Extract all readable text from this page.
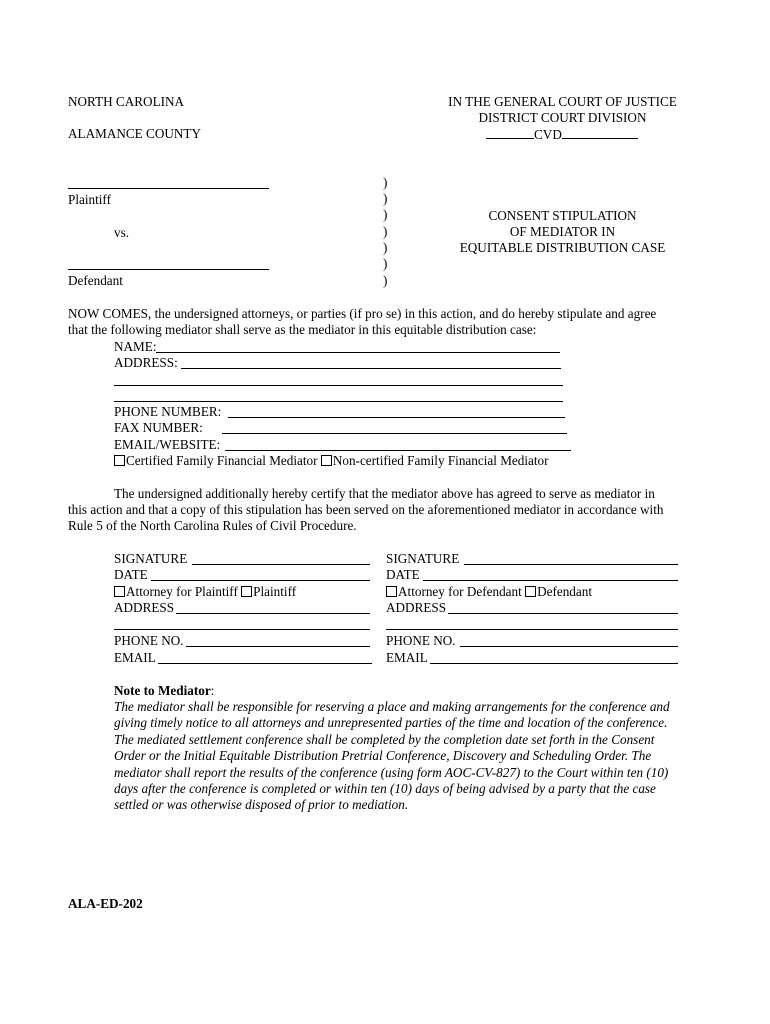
NORTH CAROLINA
ALAMANCE COUNTY
IN THE GENERAL COURT OF JUSTICE
DISTRICT COURT DIVISION
CVD
Plaintiff
vs.
Defendant
)
)
)
)
)
)
)
CONSENT STIPULATION
OF MEDIATOR IN
EQUITABLE DISTRIBUTION CASE
NOW COMES, the undersigned attorneys, or parties (if pro se) in this action, and do hereby stipulate and agree
that the following mediator shall serve as the mediator in this equitable distribution case:
NAME:
ADDRESS:
PHONE NUMBER:
FAX NUMBER:
EMAIL/WEBSITE:
Certified Family Financial Mediator Non-certified Family Financial Mediator
The undersigned additionally hereby certify that the mediator above has agreed to serve as mediator in
this action and that a copy of this stipulation has been served on the aforementioned mediator in accordance with
Rule 5 of the North Carolina Rules of Civil Procedure.
SIGNATURE
DATE
Attorney for Plaintiff Plaintiff
ADDRESS
PHONE NO.
EMAIL
SIGNATURE
DATE
Attorney for Defendant Defendant
ADDRESS
PHONE NO.
EMAIL
Note to Mediator:
The mediator shall be responsible for reserving a place and making arrangements for the conference and
giving timely notice to all attorneys and unrepresented parties of the time and location of the conference.
The mediated settlement conference shall be completed by the completion date set forth in the Consent
Order or the Initial Equitable Distribution Pretrial Conference, Discovery and Scheduling Order. The
mediator shall report the results of the conference (using form AOC-CV-827) to the Court within ten (10)
days after the conference is completed or within ten (10) days of being advised by a party that the case
settled or was otherwise disposed of prior to mediation.
ALA-ED-202
